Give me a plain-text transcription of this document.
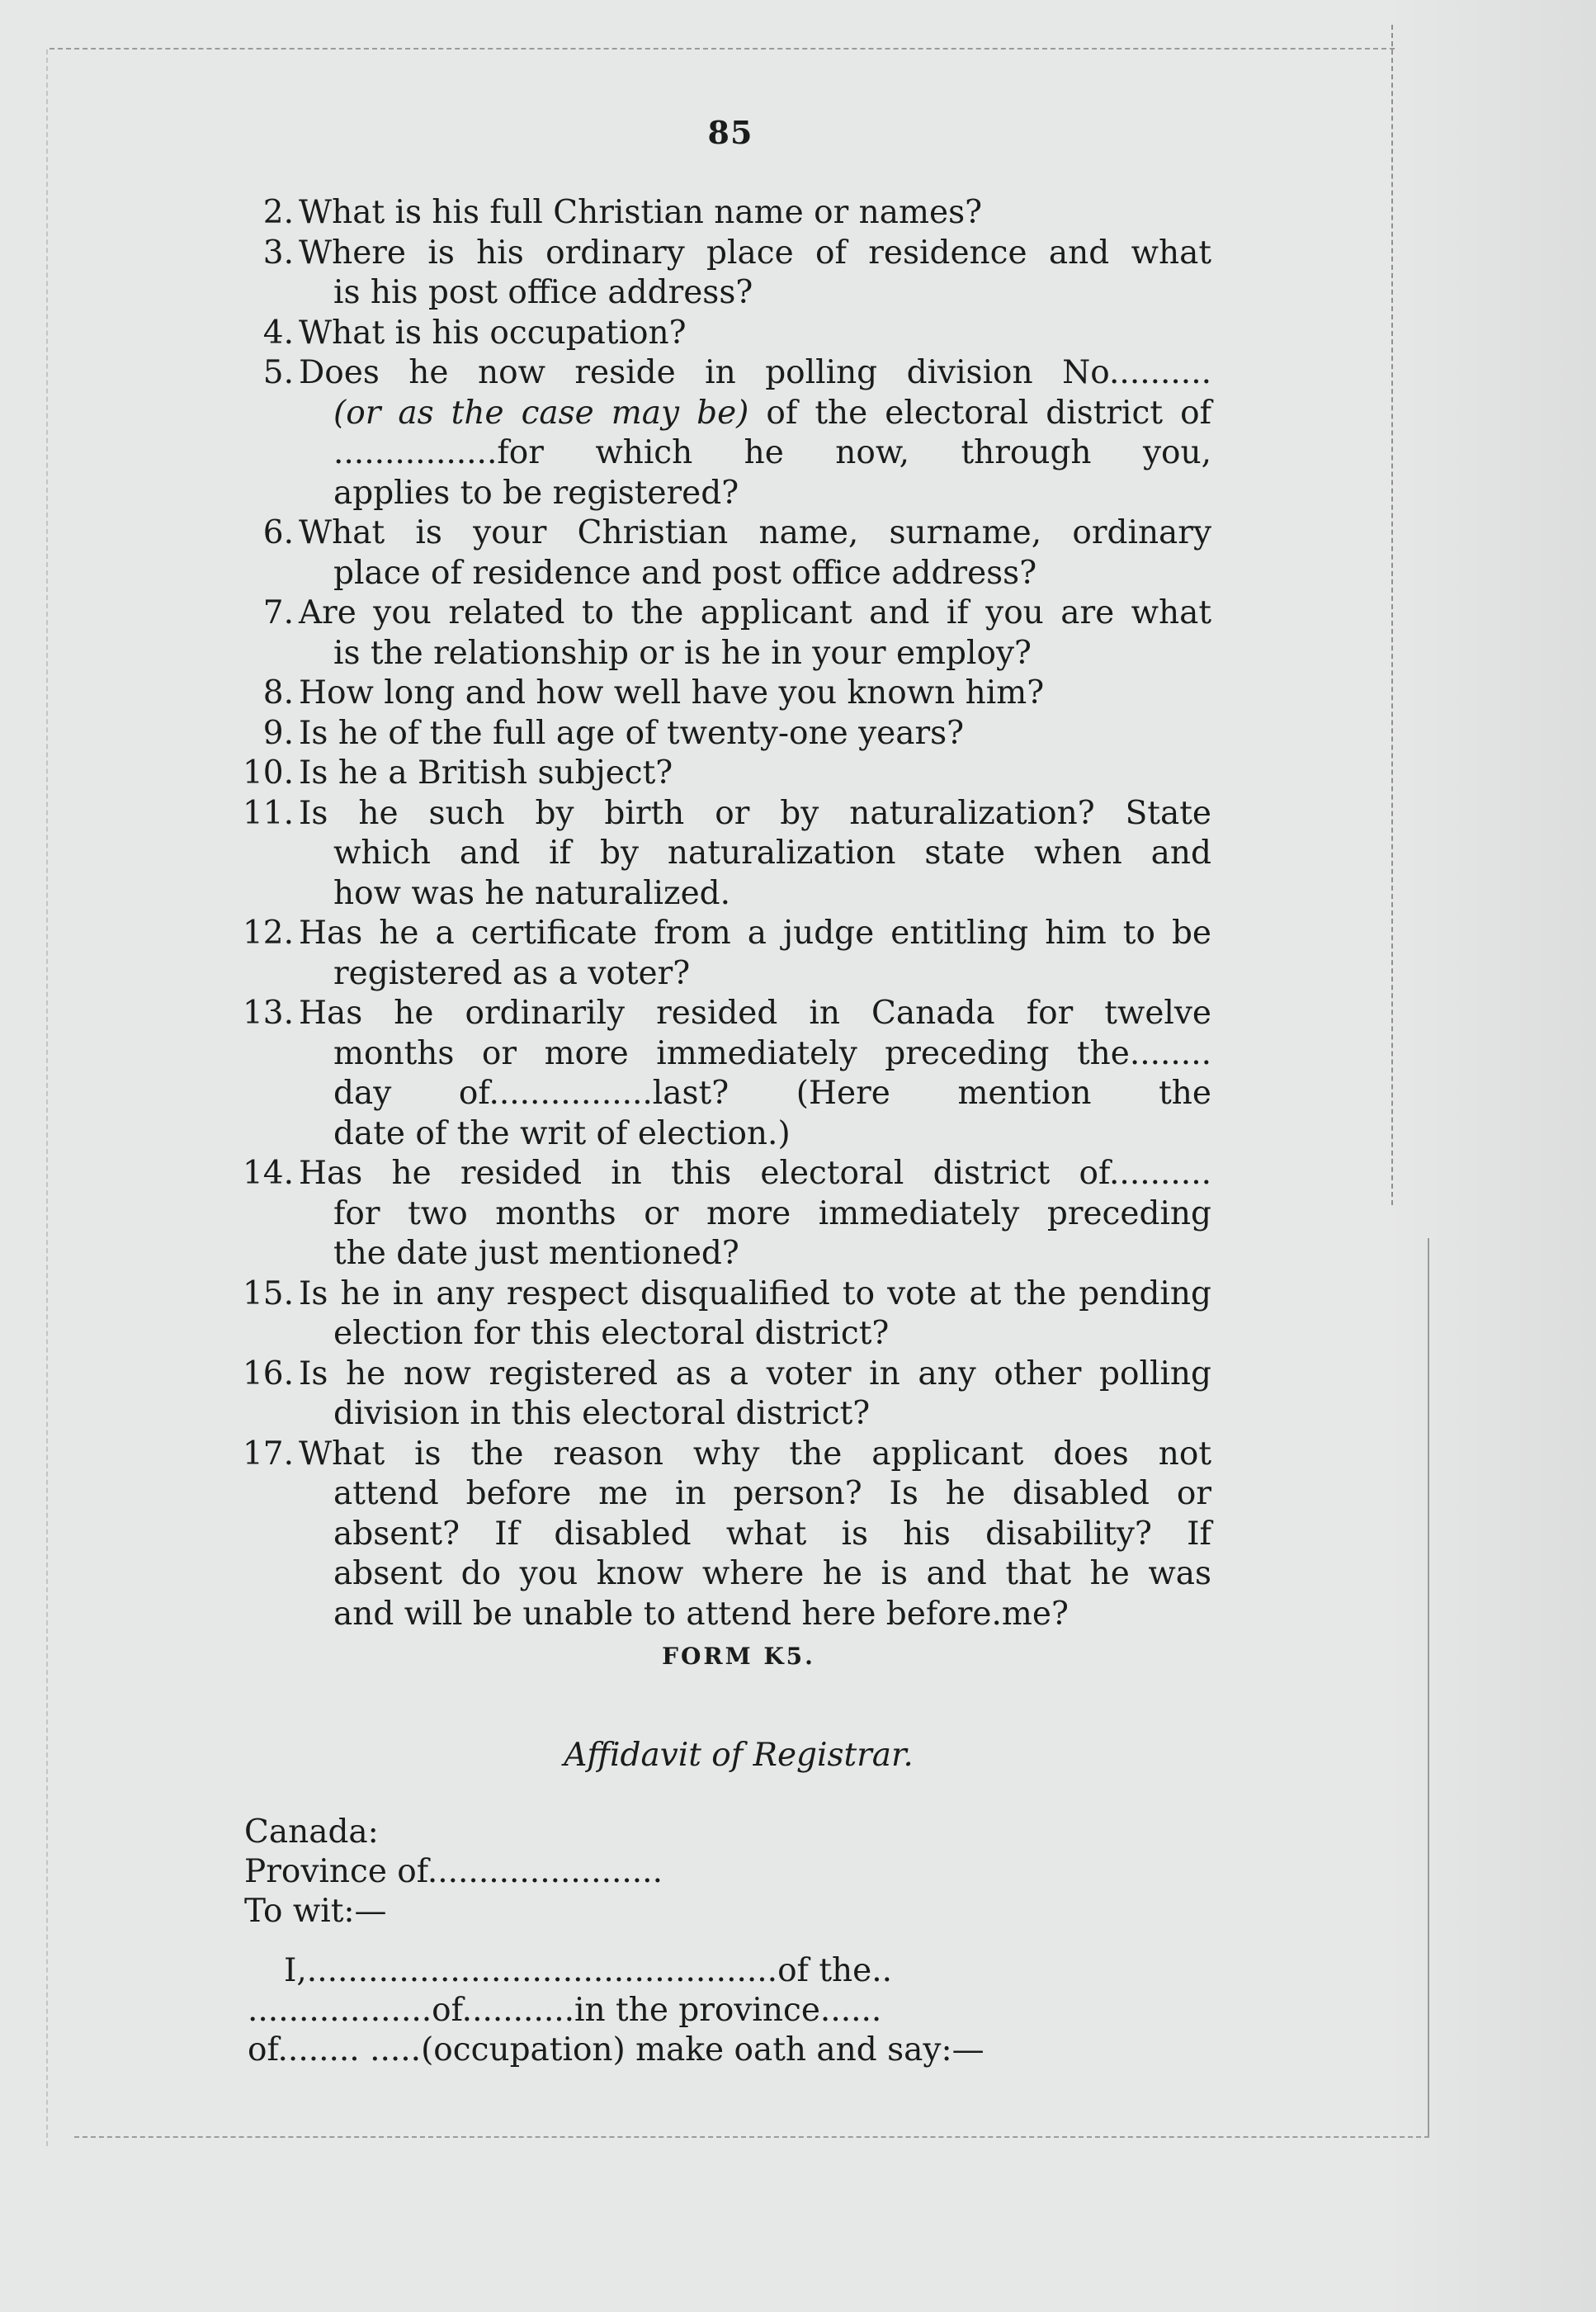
85
2. What is his full Christian name or names?
3. Where is his ordinary place of residence and what
is his post office address?
4. What is his occupation?
5. Does he now reside in polling division No..........
(or as the case may be) of the electoral district of
................for which he now, through you,
applies to be registered?
6. What is your Christian name, surname, ordinary
place of residence and post office address?
7. Are you related to the applicant and if you are what
is the relationship or is he in your employ?
8. How long and how well have you known him?
9. Is he of the full age of twenty-one years?
10. Is he a British subject?
11. Is he such by birth or by naturalization? State
which and if by naturalization state when and
how was he naturalized.
12. Has he a certificate from a judge entitling him to be
registered as a voter?
13. Has he ordinarily resided in Canada for twelve
months or more immediately preceding the........
day of................last? (Here mention the
date of the writ of election.)
14. Has he resided in this electoral district of..........
for two months or more immediately preceding
the date just mentioned?
15. Is he in any respect disqualified to vote at the pending
election for this electoral district?
16. Is he now registered as a voter in any other polling
division in this electoral district?
17. What is the reason why the applicant does not
attend before me in person? Is he disabled or
absent? If disabled what is his disability? If
absent do you know where he is and that he was
and will be unable to attend here before.me?
FORM K5.
Affidavit of Registrar.
Canada:
Province of.......................
To wit:—
I,..............................................of the..
..................of...........in the province......
of........ .....(occupation) make oath and say:—
